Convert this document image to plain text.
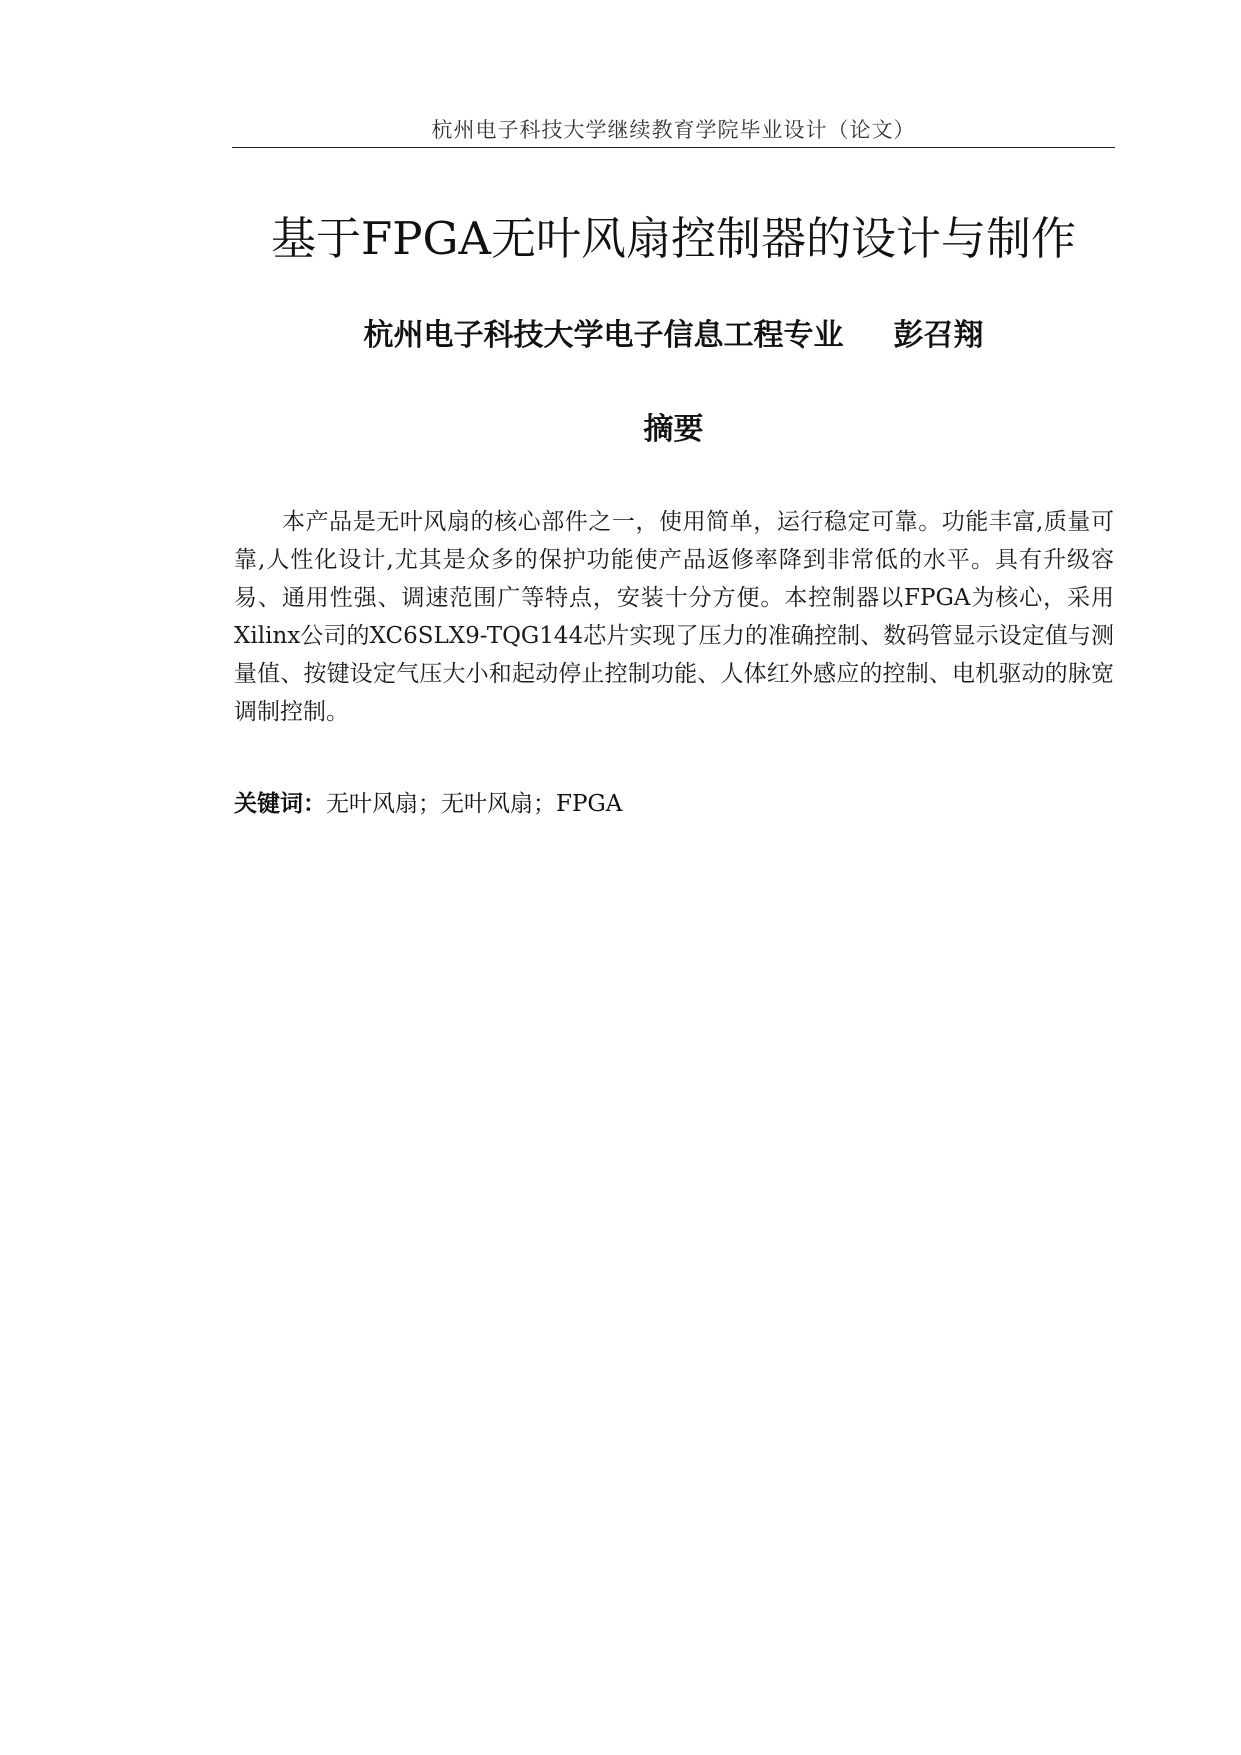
杭州电子科技大学继续教育学院毕业设计（论文）
基于FPGA无叶风扇控制器的设计与制作
杭州电子科技大学电子信息工程专业 彭召翔
摘要

本产品是无叶风扇的核心部件之一，使用简单，运行稳定可靠。功能丰富,质量可靠,人性化设计,尤其是众多的保护功能使产品返修率降到非常低的水平。具有升级容易、通用性强、调速范围广等特点，安装十分方便。本控制器以FPGA为核心，采用Xilinx公司的XC6SLX9-TQG144芯片实现了压力的准确控制、数码管显示设定值与测量值、按键设定气压大小和起动停止控制功能、人体红外感应的控制、电机驱动的脉宽调制控制。

关键词：无叶风扇；无叶风扇；FPGA
